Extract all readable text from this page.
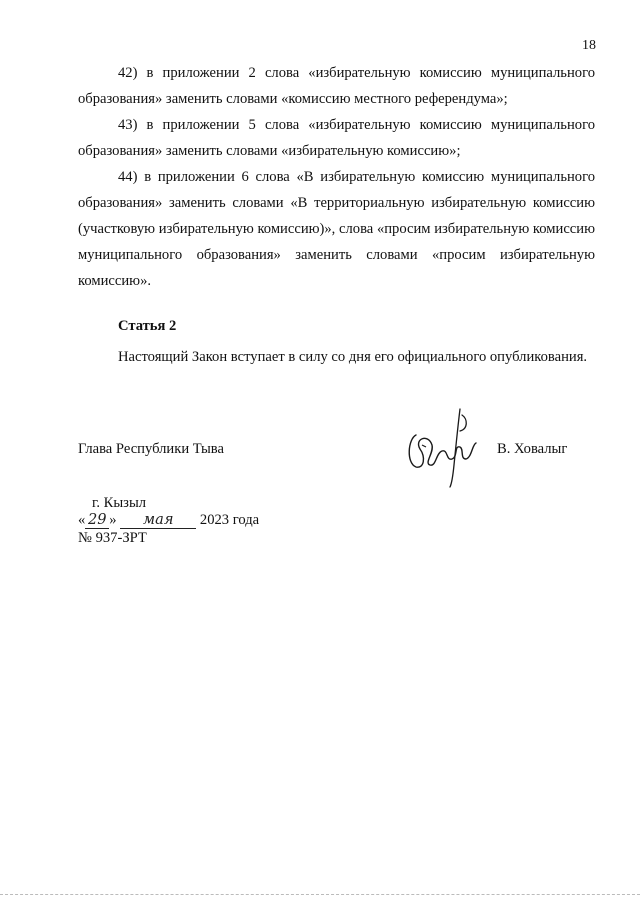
18

42) в приложении 2 слова «избирательную комиссию муниципального образования» заменить словами «комиссию местного референдума»;

43) в приложении 5 слова «избирательную комиссию муниципального образования» заменить словами «избирательную комиссию»;

44) в приложении 6 слова «В избирательную комиссию муниципального образования» заменить словами «В территориальную избирательную комиссию (участковую избирательную комиссию)», слова «просим избирательную комиссию муниципального образования» заменить словами «просим избирательную комиссию».

Статья 2

Настоящий Закон вступает в силу со дня его официального опубликования.

Глава Республики Тыва	В. Ховалыг
г. Кызыл
« 29 » мая 2023 года
№ 937-ЗРТ
